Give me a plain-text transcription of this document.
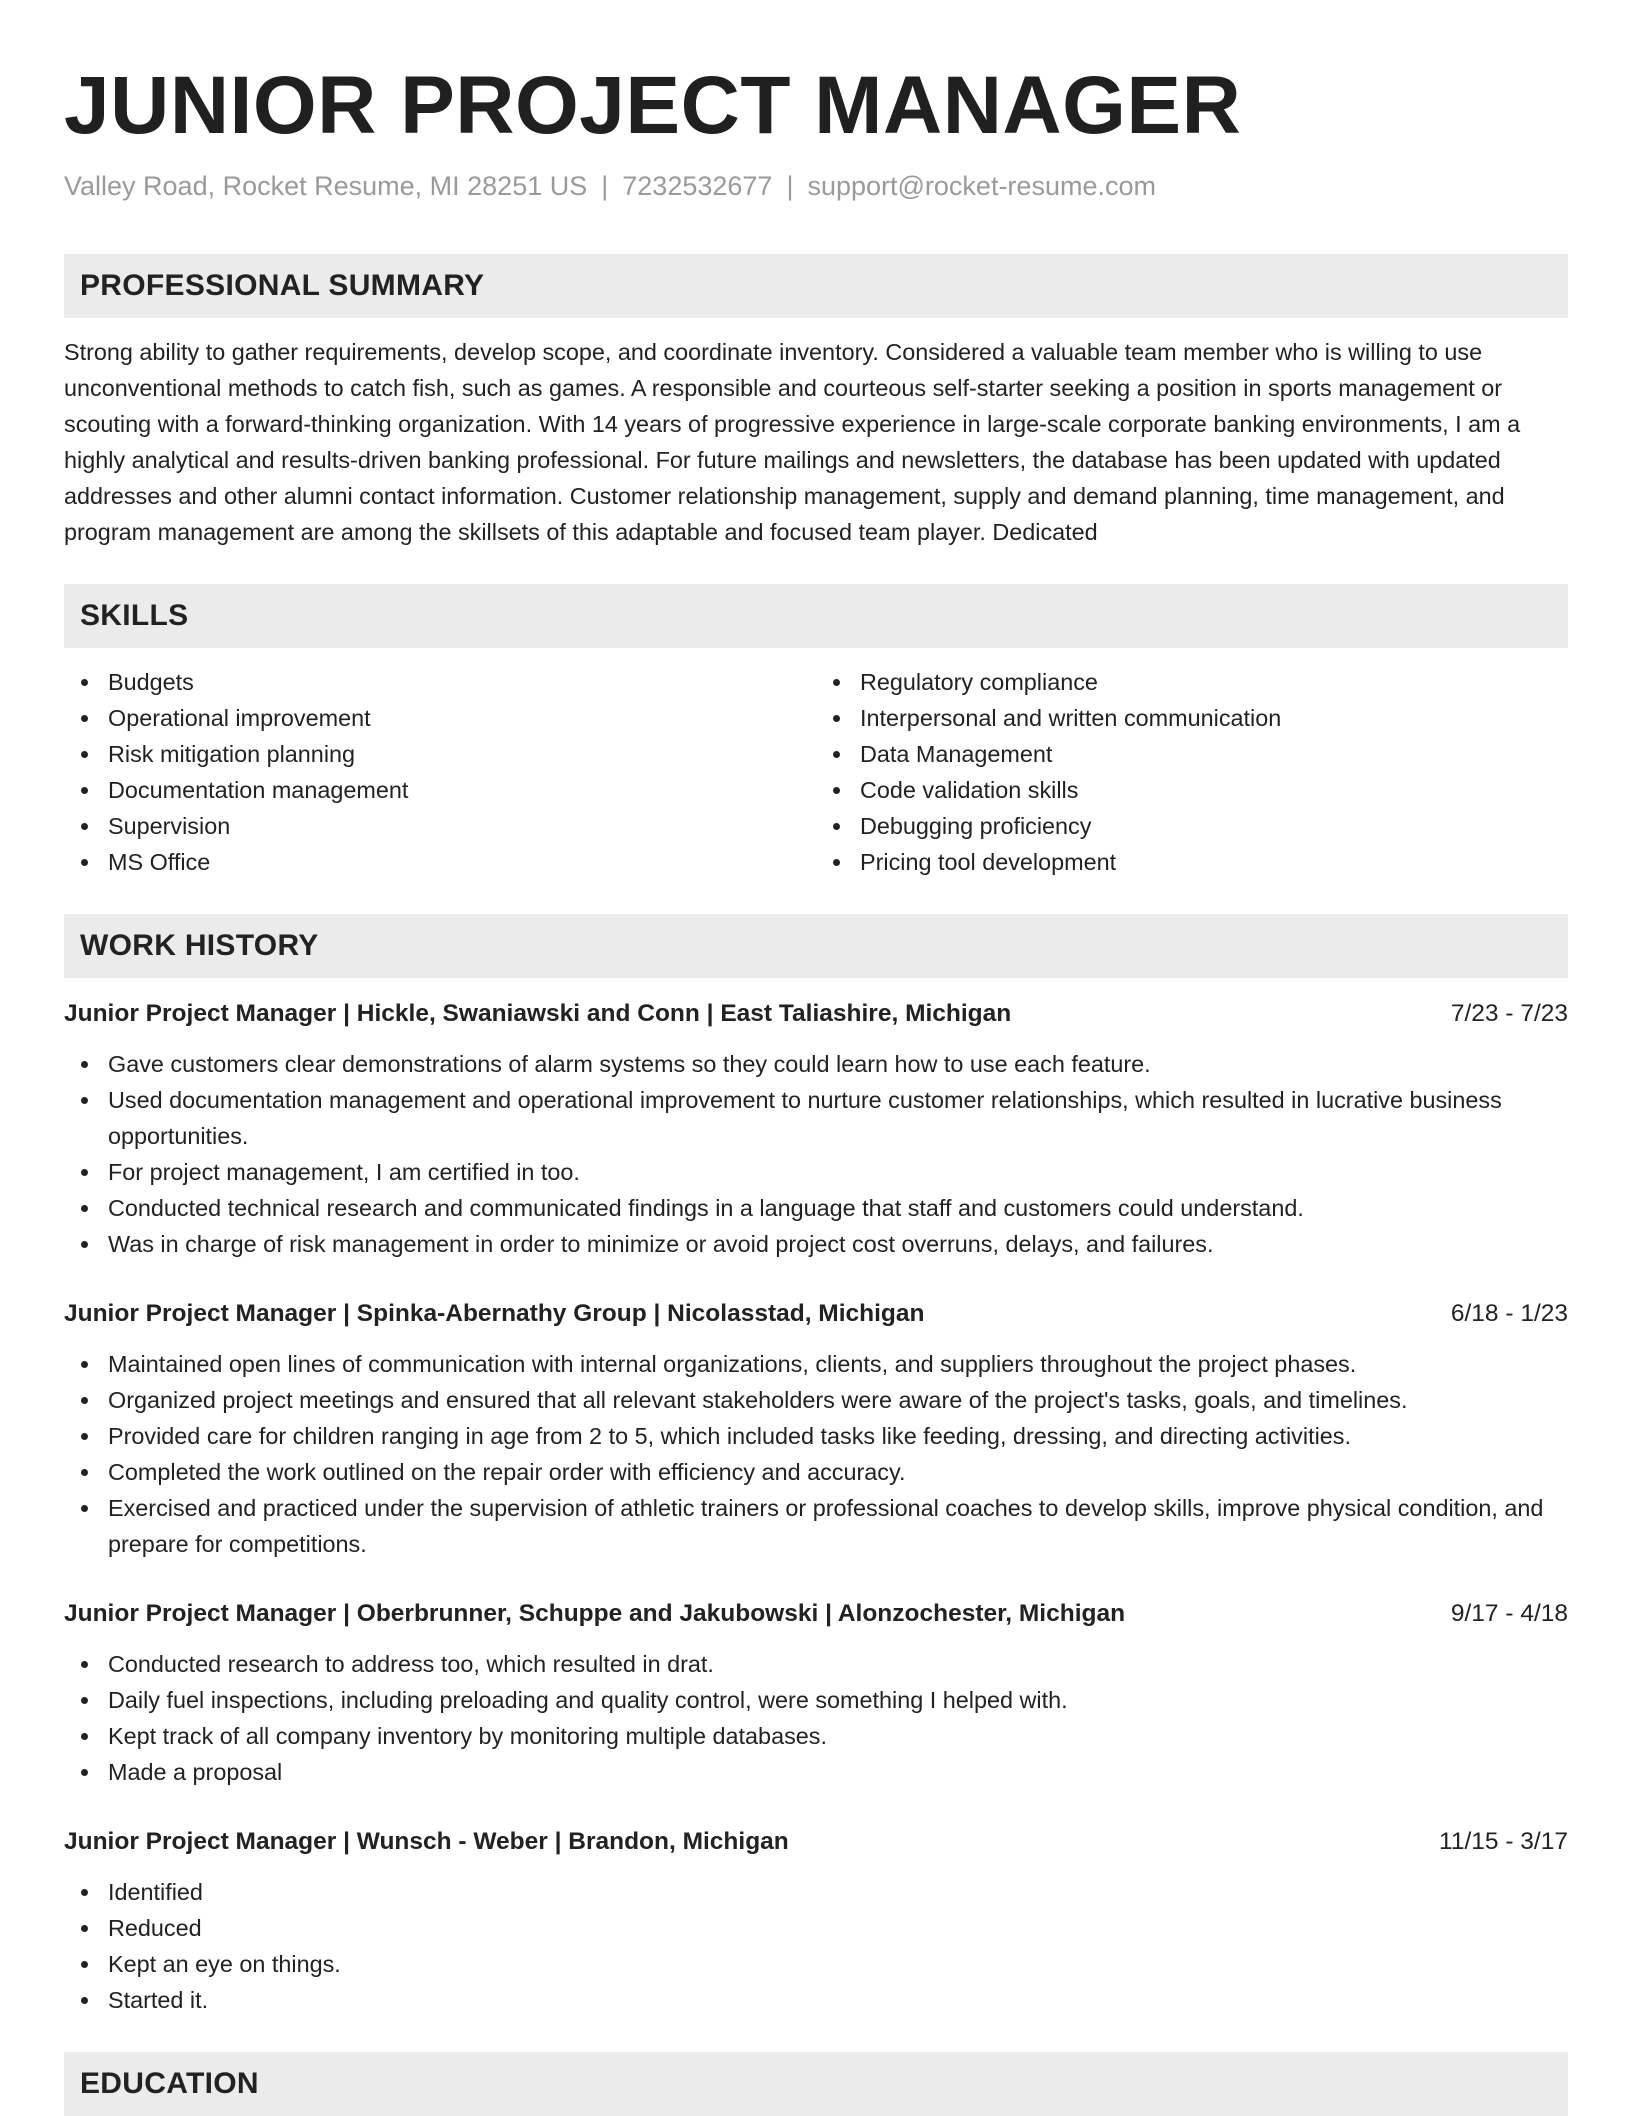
JUNIOR PROJECT MANAGER
Valley Road, Rocket Resume, MI 28251 US | 7232532677 | support@rocket-resume.com
PROFESSIONAL SUMMARY

Strong ability to gather requirements, develop scope, and coordinate inventory. Considered a valuable team member who is willing to use unconventional methods to catch fish, such as games. A responsible and courteous self-starter seeking a position in sports management or scouting with a forward-thinking organization. With 14 years of progressive experience in large-scale corporate banking environments, I am a highly analytical and results-driven banking professional. For future mailings and newsletters, the database has been updated with updated addresses and other alumni contact information. Customer relationship management, supply and demand planning, time management, and program management are among the skillsets of this adaptable and focused team player. Dedicated

SKILLS
Budgets
Operational improvement
Risk mitigation planning
Documentation management
Supervision
MS Office
Regulatory compliance
Interpersonal and written communication
Data Management
Code validation skills
Debugging proficiency
Pricing tool development
WORK HISTORY
Junior Project Manager | Hickle, Swaniawski and Conn | East Taliashire, Michigan	7/23 - 7/23
Gave customers clear demonstrations of alarm systems so they could learn how to use each feature.
Used documentation management and operational improvement to nurture customer relationships, which resulted in lucrative business opportunities.
For project management, I am certified in too.
Conducted technical research and communicated findings in a language that staff and customers could understand.
Was in charge of risk management in order to minimize or avoid project cost overruns, delays, and failures.
Junior Project Manager | Spinka-Abernathy Group | Nicolasstad, Michigan	6/18 - 1/23
Maintained open lines of communication with internal organizations, clients, and suppliers throughout the project phases.
Organized project meetings and ensured that all relevant stakeholders were aware of the project's tasks, goals, and timelines.
Provided care for children ranging in age from 2 to 5, which included tasks like feeding, dressing, and directing activities.
Completed the work outlined on the repair order with efficiency and accuracy.
Exercised and practiced under the supervision of athletic trainers or professional coaches to develop skills, improve physical condition, and prepare for competitions.
Junior Project Manager | Oberbrunner, Schuppe and Jakubowski | Alonzochester, Michigan	9/17 - 4/18
Conducted research to address too, which resulted in drat.
Daily fuel inspections, including preloading and quality control, were something I helped with.
Kept track of all company inventory by monitoring multiple databases.
Made a proposal
Junior Project Manager | Wunsch - Weber | Brandon, Michigan	11/15 - 3/17
Identified
Reduced
Kept an eye on things.
Started it.
EDUCATION
